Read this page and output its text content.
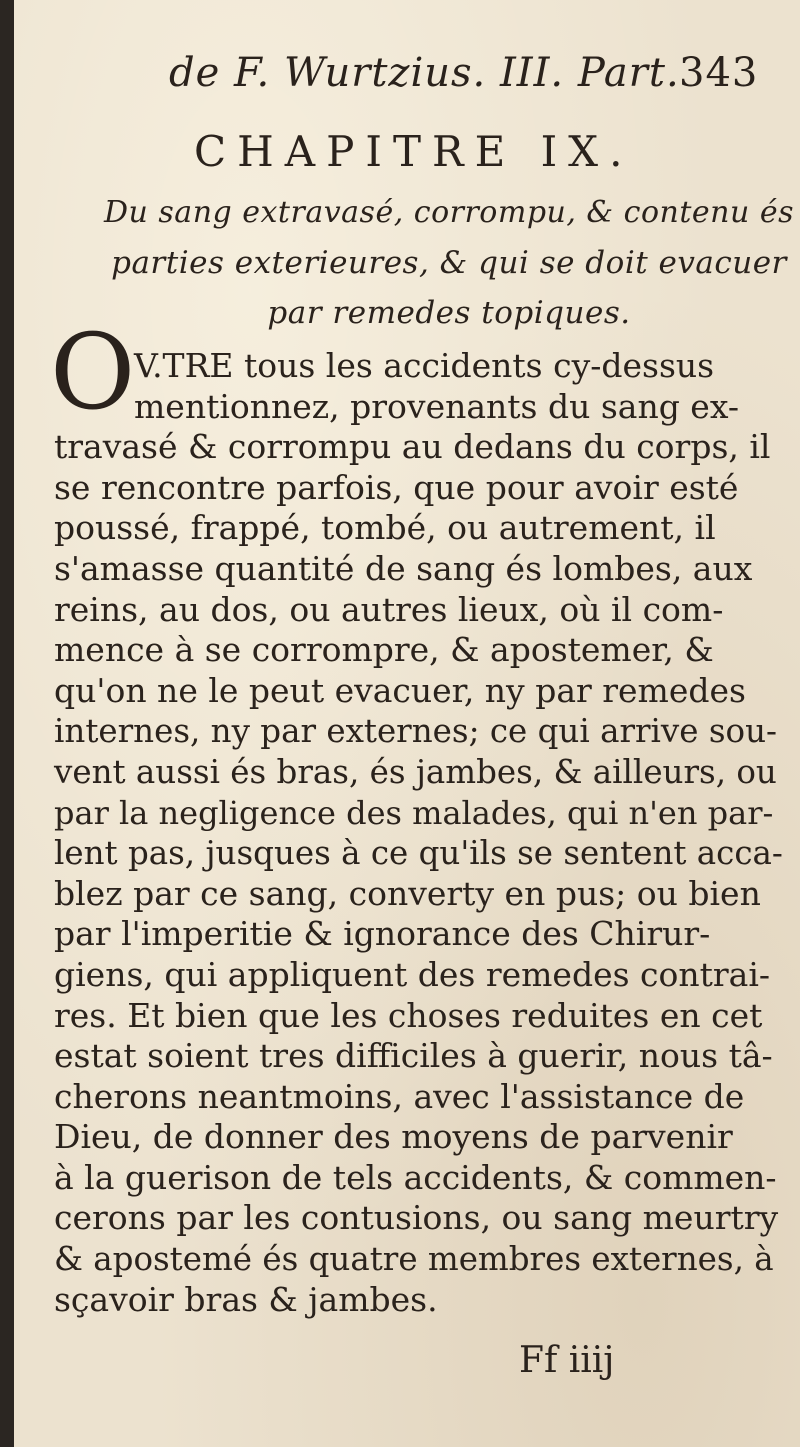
de F. Wurtzius. III. Part. 343
CHAPITRE IX.
Du sang extravasé, corrompu, & contenu és
parties exterieures, & qui se doit evacuer
par remedes topiques.
O
V.TRE tous les accidents cy-dessus
mentionnez, provenants du sang ex-
travasé & corrompu au dedans du corps, il
se rencontre parfois, que pour avoir esté
poussé, frappé, tombé, ou autrement, il
s'amasse quantité de sang és lombes, aux
reins, au dos, ou autres lieux, où il com-
mence à se corrompre, & apostemer, &
qu'on ne le peut evacuer, ny par remedes
internes, ny par externes; ce qui arrive sou-
vent aussi és bras, és jambes, & ailleurs, ou
par la negligence des malades, qui n'en par-
lent pas, jusques à ce qu'ils se sentent acca-
blez par ce sang, converty en pus; ou bien
par l'imperitie & ignorance des Chirur-
giens, qui appliquent des remedes contrai-
res. Et bien que les choses reduites en cet
estat soient tres difficiles à guerir, nous tâ-
cherons neantmoins, avec l'assistance de
Dieu, de donner des moyens de parvenir
à la guerison de tels accidents, & commen-
cerons par les contusions, ou sang meurtry
& apostemé és quatre membres externes, à
sçavoir bras & jambes.
Ff iiij
